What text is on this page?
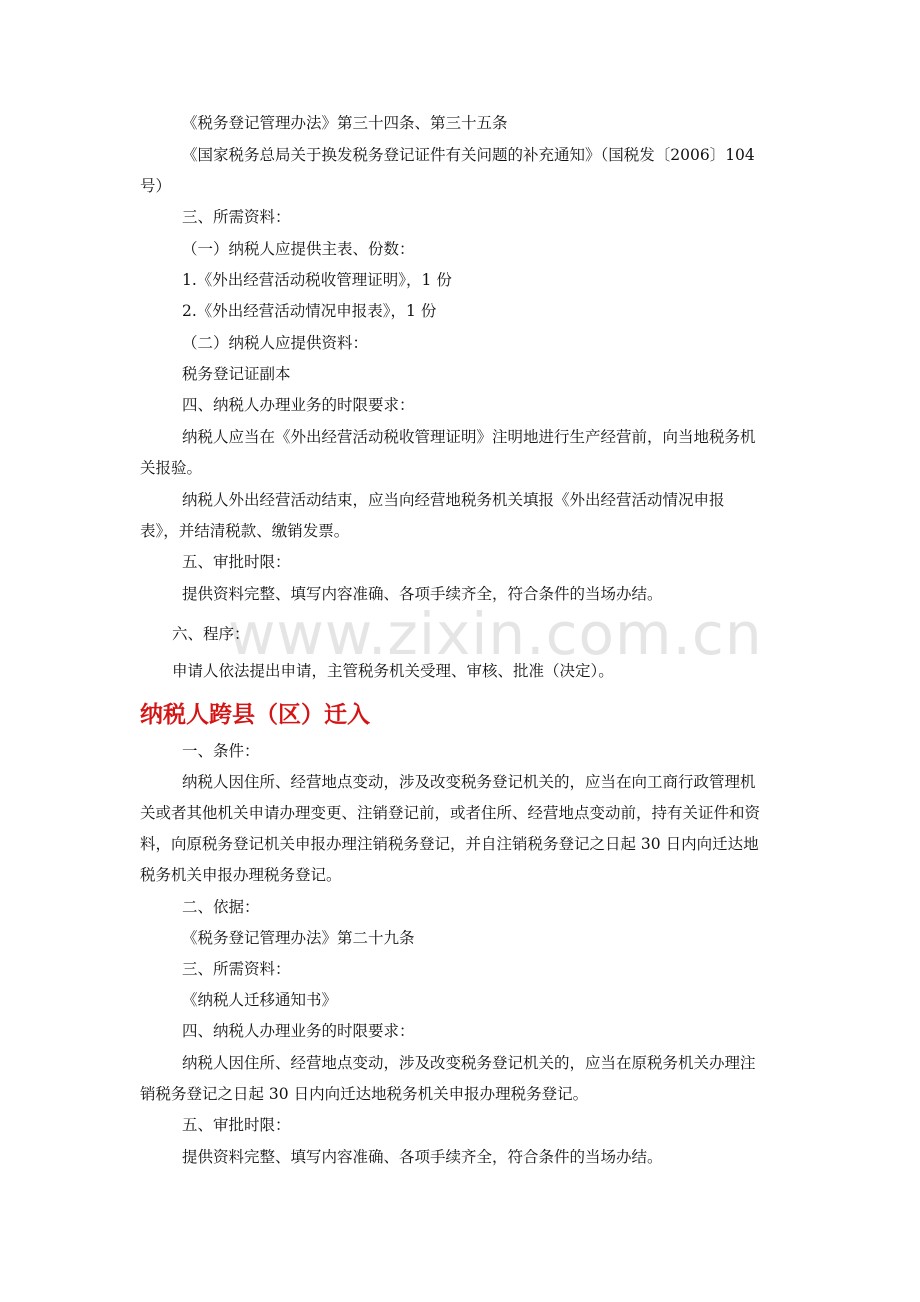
www.zixin.com.cn

《税务登记管理办法》第三十四条、第三十五条

《国家税务总局关于换发税务登记证件有关问题的补充通知》（国税发〔2006〕104

号）

三、所需资料：

（一）纳税人应提供主表、份数：

1.《外出经营活动税收管理证明》，1 份

2.《外出经营活动情况申报表》，1 份

（二）纳税人应提供资料：

税务登记证副本

四、纳税人办理业务的时限要求：

纳税人应当在《外出经营活动税收管理证明》注明地进行生产经营前，向当地税务机

关报验。

纳税人外出经营活动结束，应当向经营地税务机关填报《外出经营活动情况申报

表》，并结清税款、缴销发票。

五、审批时限：

提供资料完整、填写内容准确、各项手续齐全，符合条件的当场办结。

六、程序：

申请人依法提出申请，主管税务机关受理、审核、批准（决定）。

纳税人跨县（区）迁入

一、条件：

纳税人因住所、经营地点变动，涉及改变税务登记机关的，应当在向工商行政管理机

关或者其他机关申请办理变更、注销登记前，或者住所、经营地点变动前，持有关证件和资

料，向原税务登记机关申报办理注销税务登记，并自注销税务登记之日起 30 日内向迁达地

税务机关申报办理税务登记。

二、依据：

《税务登记管理办法》第二十九条

三、所需资料：

《纳税人迁移通知书》

四、纳税人办理业务的时限要求：

纳税人因住所、经营地点变动，涉及改变税务登记机关的，应当在原税务机关办理注

销税务登记之日起 30 日内向迁达地税务机关申报办理税务登记。

五、审批时限：

提供资料完整、填写内容准确、各项手续齐全，符合条件的当场办结。
